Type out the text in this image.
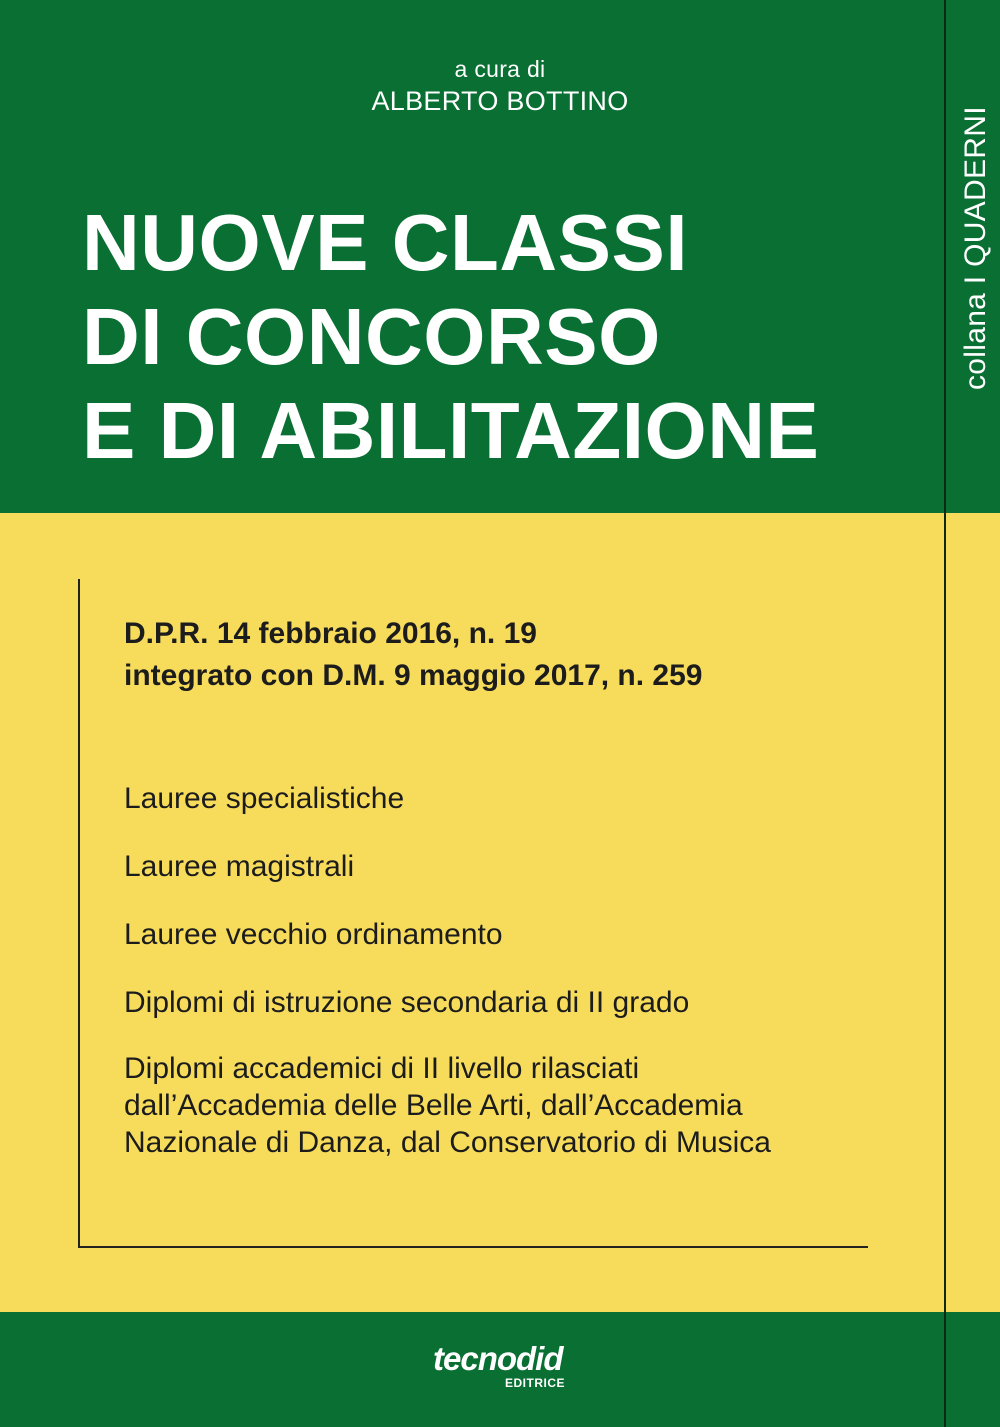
a cura di
ALBERTO BOTTINO
NUOVE CLASSI
DI CONCORSO
E DI ABILITAZIONE
collana I QUADERNI
D.P.R. 14 febbraio 2016, n. 19
integrato con D.M. 9 maggio 2017, n. 259
Lauree specialistiche
Lauree magistrali
Lauree vecchio ordinamento
Diplomi di istruzione secondaria di II grado
Diplomi accademici di II livello rilasciati
dall’Accademia delle Belle Arti, dall’Accademia
Nazionale di Danza, dal Conservatorio di Musica
tecnodid
EDITRICE
